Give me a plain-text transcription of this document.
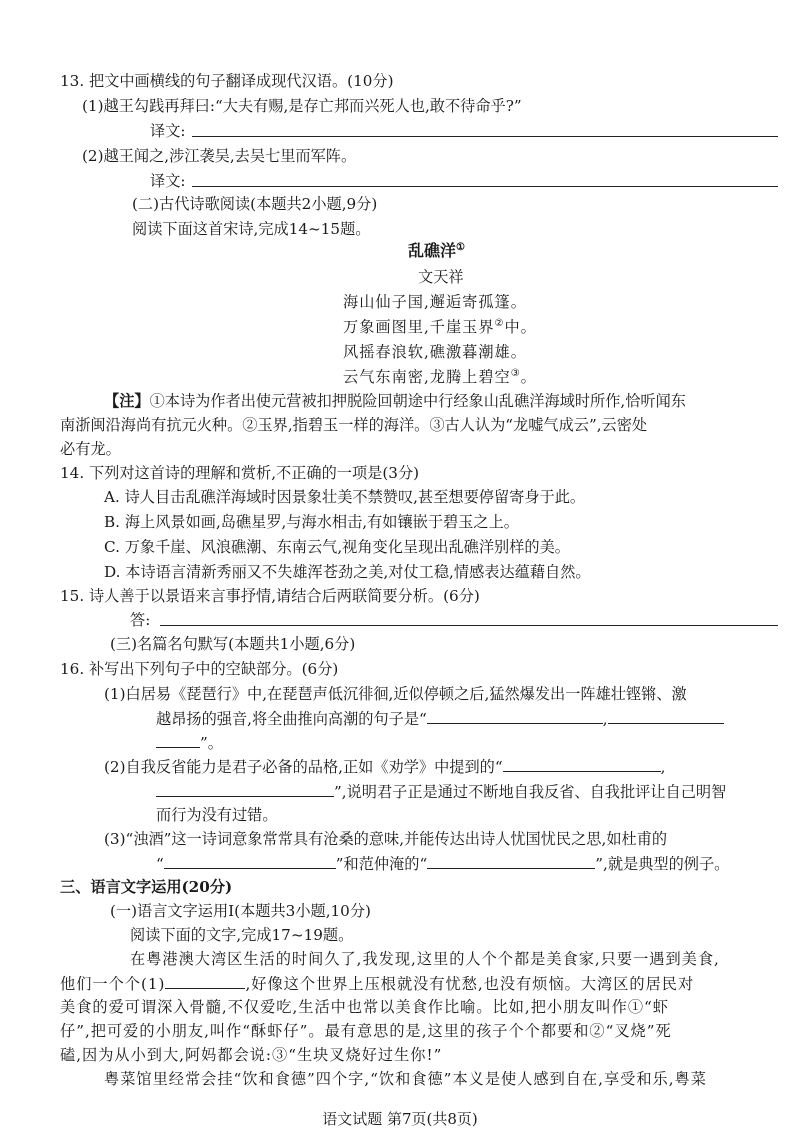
13. 把文中画横线的句子翻译成现代汉语。(10分)
(1)越王勾践再拜曰:“大夫有赐,是存亡邦而兴死人也,敢不待命乎?”
译文:
(2)越王闻之,涉江袭吴,去吴七里而军阵。
译文:
(二)古代诗歌阅读(本题共2小题,9分)
阅读下面这首宋诗,完成14~15题。
乱礁洋①
文天祥
海山仙子国,邂逅寄孤篷。
万象画图里,千崖玉界②中。
风摇春浪软,礁激暮潮雄。
云气东南密,龙腾上碧空③。
【注】①本诗为作者出使元营被扣押脱险回朝途中行经象山乱礁洋海域时所作,恰听闻东
南浙闽沿海尚有抗元火种。②玉界,指碧玉一样的海洋。③古人认为“龙嘘气成云”,云密处
必有龙。
14. 下列对这首诗的理解和赏析,不正确的一项是(3分)
A. 诗人目击乱礁洋海域时因景象壮美不禁赞叹,甚至想要停留寄身于此。
B. 海上风景如画,岛礁星罗,与海水相击,有如镶嵌于碧玉之上。
C. 万象千崖、风浪礁潮、东南云气,视角变化呈现出乱礁洋别样的美。
D. 本诗语言清新秀丽又不失雄浑苍劲之美,对仗工稳,情感表达蕴藉自然。
15. 诗人善于以景语来言事抒情,请结合后两联简要分析。(6分)
答:
(三)名篇名句默写(本题共1小题,6分)
16. 补写出下列句子中的空缺部分。(6分)
(1)白居易《琵琶行》中,在琵琶声低沉徘徊,近似停顿之后,猛然爆发出一阵雄壮铿锵、激
越昂扬的强音,将全曲推向高潮的句子是“	,
”。
(2)自我反省能力是君子必备的品格,正如《劝学》中提到的“	,
”,说明君子正是通过不断地自我反省、自我批评让自己明智
而行为没有过错。
(3)“浊酒”这一诗词意象常常具有沧桑的意味,并能传达出诗人忧国忧民之思,如杜甫的
“	”和范仲淹的“	”,就是典型的例子。
三、语言文字运用(20分)
(一)语言文字运用Ⅰ(本题共3小题,10分)
阅读下面的文字,完成17~19题。
在粤港澳大湾区生活的时间久了,我发现,这里的人个个都是美食家,只要一遇到美食,
他们一个个(1)	,好像这个世界上压根就没有忧愁,也没有烦恼。大湾区的居民对
美食的爱可谓深入骨髓,不仅爱吃,生活中也常以美食作比喻。比如,把小朋友叫作①“虾
仔”,把可爱的小朋友,叫作“酥虾仔”。最有意思的是,这里的孩子个个都要和②“叉烧”死
磕,因为从小到大,阿妈都会说:③“生块叉烧好过生你!”
粤菜馆里经常会挂“饮和食德”四个字,“饮和食德”本义是使人感到自在,享受和乐,粤菜
语文试题 第7页(共8页)
